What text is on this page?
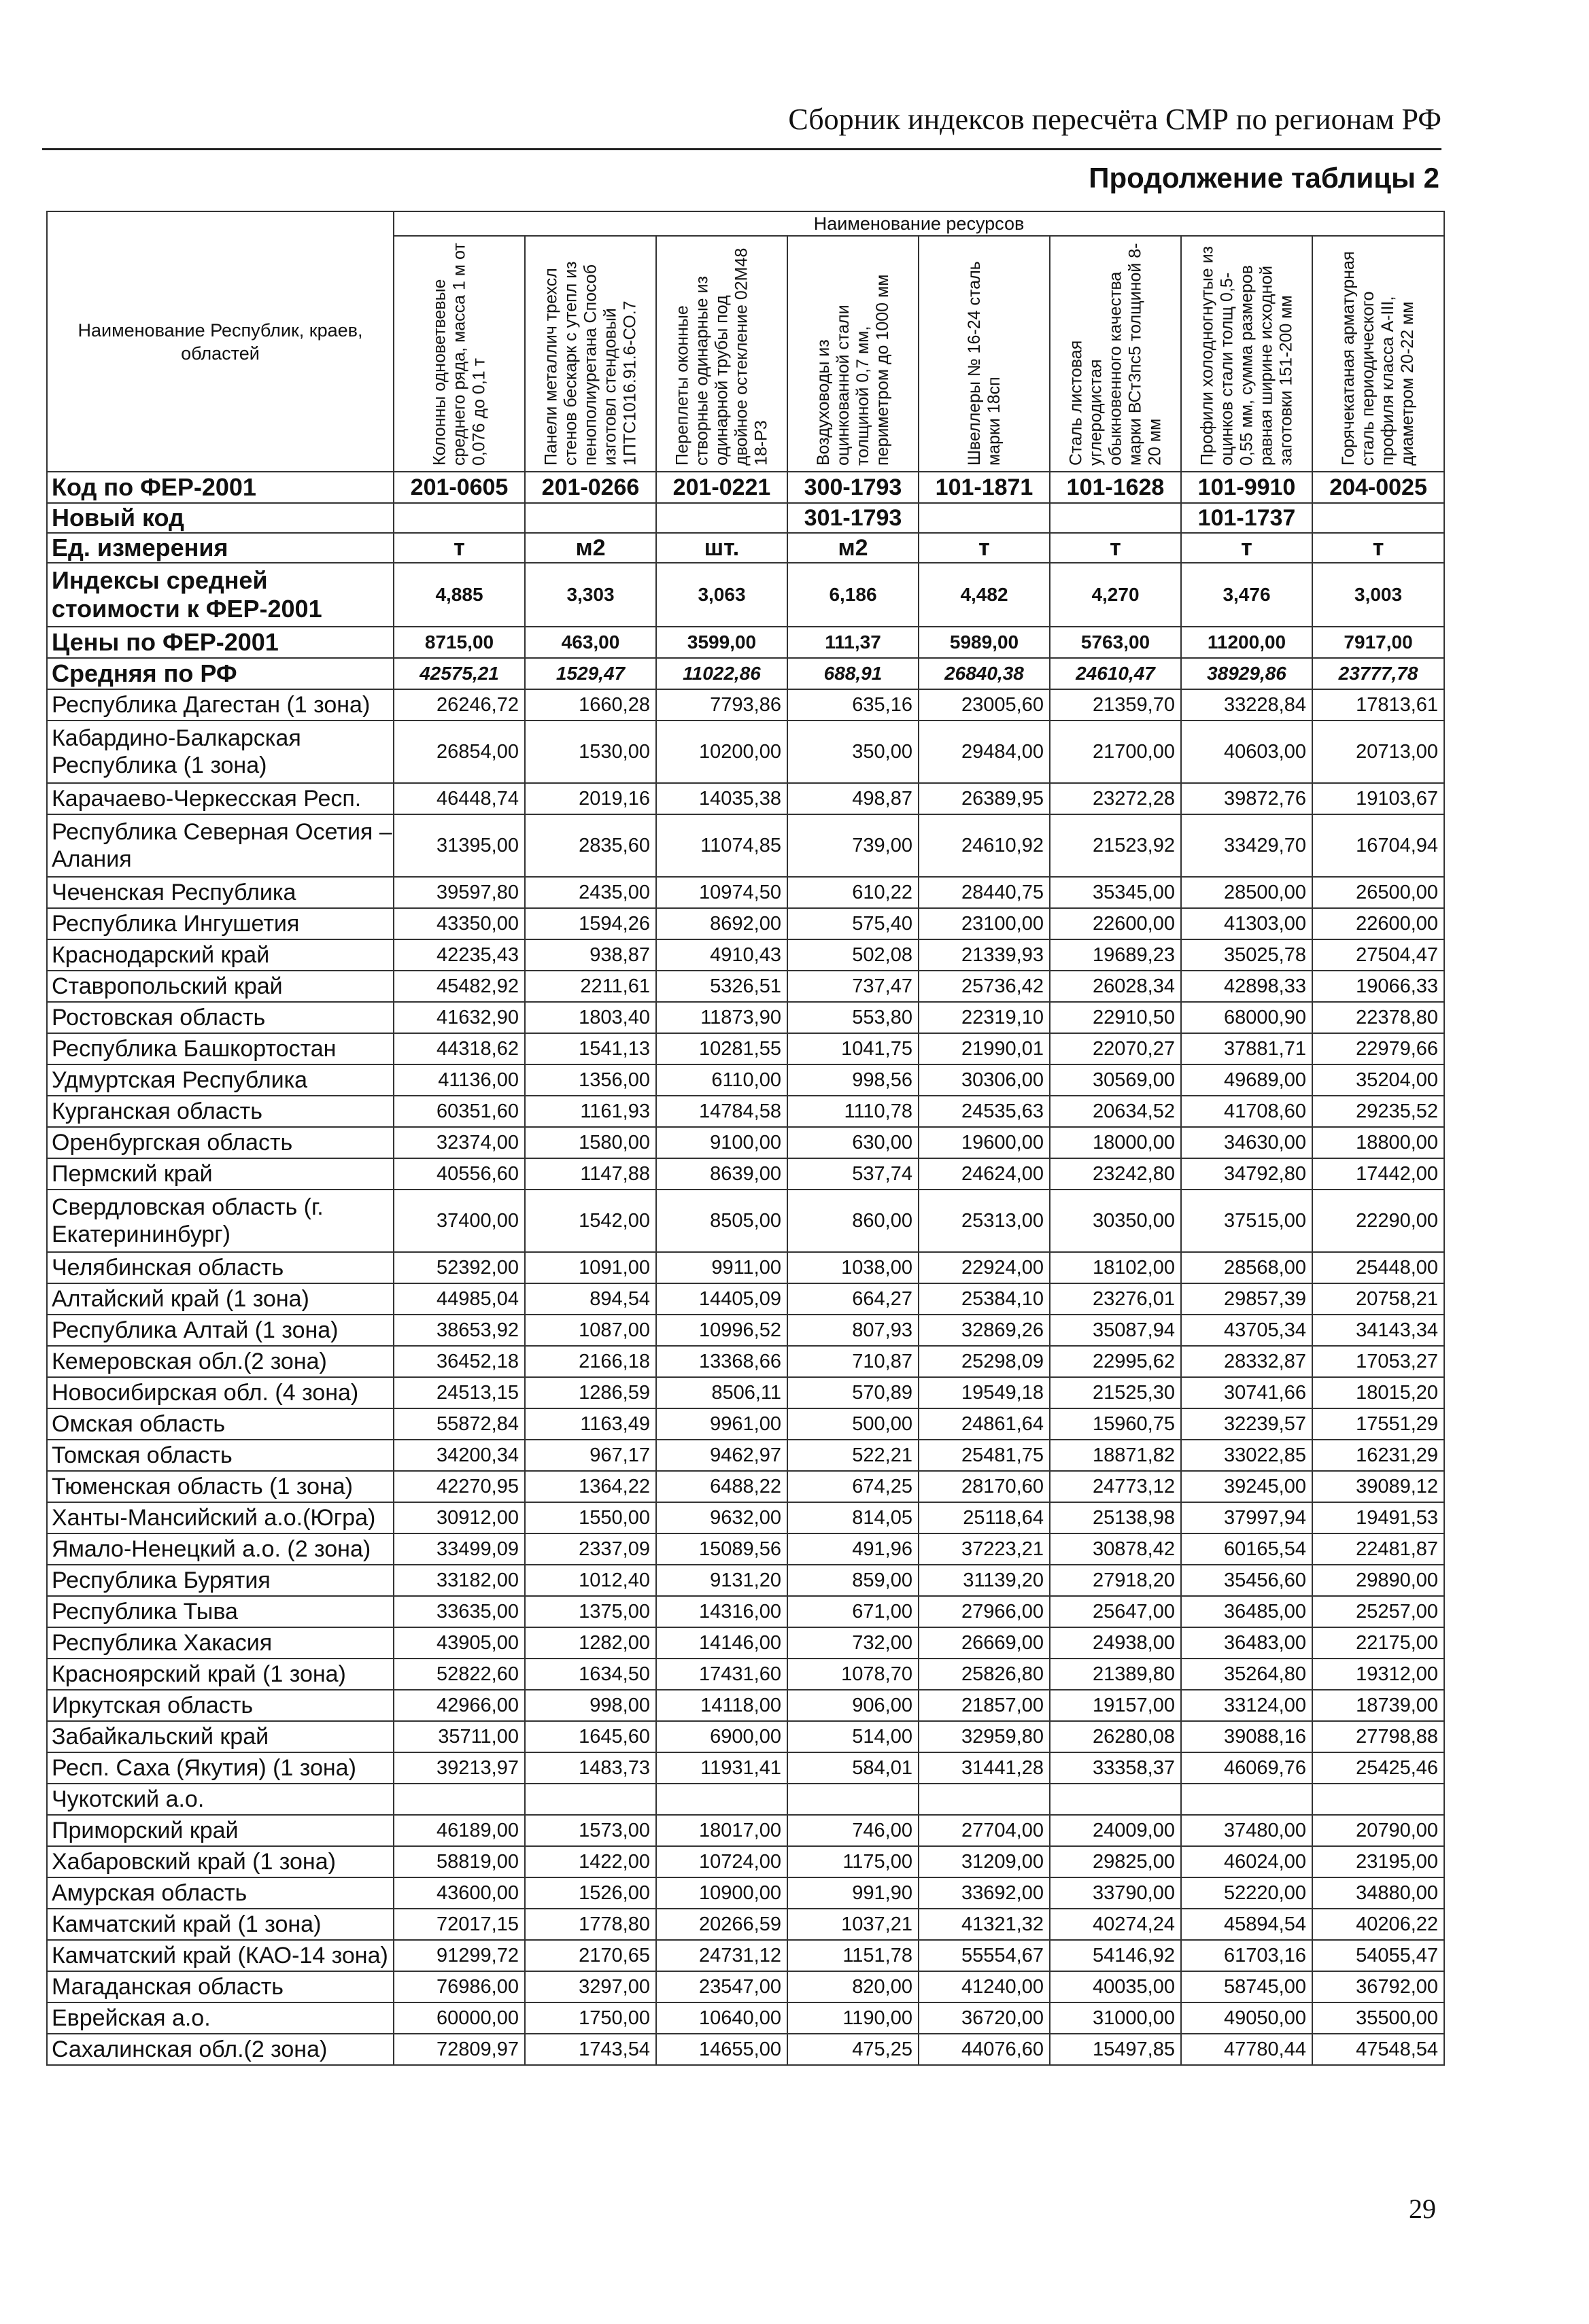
Сборник индексов пересчёта СМР по регионам РФ
Продолжение таблицы 2
Наименование Республик, краев, областей	Наименование ресурсов							

	Колонны одноветвевые среднего ряда, масса 1 м от 0,076 до 0,1 т	Панели металлич трехсл стенов бескарк с утепл из пенополиуретана Способ изготовл стендовый 1ПТС1016.91.6-СО.7	Переплеты оконные створные одинарные из одинарной трубы под двойное остекление 02М48 18-Р3	Воздуховоды из оцинкованной стали толщиной 0,7 мм, периметром до 1000 мм	Швеллеры № 16-24 сталь марки 18сп	Сталь листовая углеродистая обыкновенного качества марки ВСт3пс5 толщиной 8-20 мм	Профили холодногнутые из оцинков стали толщ 0,5-0,55 мм, сумма размеров равная ширине исходной заготовки 151-200 мм	Горячекатаная арматурная сталь периодического профиля класса А-III, диаметром 20-22 мм

Код по ФЕР-2001	201-0605	201-0266	201-0221	300-1793	101-1871	101-1628	101-9910	204-0025
Новый код				301-1793			101-1737	
Ед. измерения	т	м2	шт.	м2	т	т	т	т
Индексы средней стоимости к ФЕР-2001	4,885	3,303	3,063	6,186	4,482	4,270	3,476	3,003
Цены по ФЕР-2001	8715,00	463,00	3599,00	111,37	5989,00	5763,00	11200,00	7917,00
Средняя по РФ	42575,21	1529,47	11022,86	688,91	26840,38	24610,47	38929,86	23777,78
Республика Дагестан (1 зона)	26246,72	1660,28	7793,86	635,16	23005,60	21359,70	33228,84	17813,61
Кабардино-Балкарская Республика (1 зона)	26854,00	1530,00	10200,00	350,00	29484,00	21700,00	40603,00	20713,00
Карачаево-Черкесская Респ.	46448,74	2019,16	14035,38	498,87	26389,95	23272,28	39872,76	19103,67
Республика Северная Осетия – Алания	31395,00	2835,60	11074,85	739,00	24610,92	21523,92	33429,70	16704,94
Чеченская Республика	39597,80	2435,00	10974,50	610,22	28440,75	35345,00	28500,00	26500,00
Республика Ингушетия	43350,00	1594,26	8692,00	575,40	23100,00	22600,00	41303,00	22600,00
Краснодарский край	42235,43	938,87	4910,43	502,08	21339,93	19689,23	35025,78	27504,47
Ставропольский край	45482,92	2211,61	5326,51	737,47	25736,42	26028,34	42898,33	19066,33
Ростовская область	41632,90	1803,40	11873,90	553,80	22319,10	22910,50	68000,90	22378,80
Республика Башкортостан	44318,62	1541,13	10281,55	1041,75	21990,01	22070,27	37881,71	22979,66
Удмуртская Республика	41136,00	1356,00	6110,00	998,56	30306,00	30569,00	49689,00	35204,00
Курганская область	60351,60	1161,93	14784,58	1110,78	24535,63	20634,52	41708,60	29235,52
Оренбургская область	32374,00	1580,00	9100,00	630,00	19600,00	18000,00	34630,00	18800,00
Пермский край	40556,60	1147,88	8639,00	537,74	24624,00	23242,80	34792,80	17442,00
Свердловская область (г. Екатерининбург)	37400,00	1542,00	8505,00	860,00	25313,00	30350,00	37515,00	22290,00
Челябинская область	52392,00	1091,00	9911,00	1038,00	22924,00	18102,00	28568,00	25448,00
Алтайский край (1 зона)	44985,04	894,54	14405,09	664,27	25384,10	23276,01	29857,39	20758,21
Республика Алтай (1 зона)	38653,92	1087,00	10996,52	807,93	32869,26	35087,94	43705,34	34143,34
Кемеровская обл.(2 зона)	36452,18	2166,18	13368,66	710,87	25298,09	22995,62	28332,87	17053,27
Новосибирская обл. (4 зона)	24513,15	1286,59	8506,11	570,89	19549,18	21525,30	30741,66	18015,20
Омская область	55872,84	1163,49	9961,00	500,00	24861,64	15960,75	32239,57	17551,29
Томская область	34200,34	967,17	9462,97	522,21	25481,75	18871,82	33022,85	16231,29
Тюменская область (1 зона)	42270,95	1364,22	6488,22	674,25	28170,60	24773,12	39245,00	39089,12
Ханты-Мансийский а.о.(Югра)	30912,00	1550,00	9632,00	814,05	25118,64	25138,98	37997,94	19491,53
Ямало-Ненецкий а.о. (2 зона)	33499,09	2337,09	15089,56	491,96	37223,21	30878,42	60165,54	22481,87
Республика Бурятия	33182,00	1012,40	9131,20	859,00	31139,20	27918,20	35456,60	29890,00
Республика Тыва	33635,00	1375,00	14316,00	671,00	27966,00	25647,00	36485,00	25257,00
Республика Хакасия	43905,00	1282,00	14146,00	732,00	26669,00	24938,00	36483,00	22175,00
Красноярский край (1 зона)	52822,60	1634,50	17431,60	1078,70	25826,80	21389,80	35264,80	19312,00
Иркутская область	42966,00	998,00	14118,00	906,00	21857,00	19157,00	33124,00	18739,00
Забайкальский край	35711,00	1645,60	6900,00	514,00	32959,80	26280,08	39088,16	27798,88
Респ. Саха (Якутия) (1 зона)	39213,97	1483,73	11931,41	584,01	31441,28	33358,37	46069,76	25425,46
Чукотский а.о.								
Приморский край	46189,00	1573,00	18017,00	746,00	27704,00	24009,00	37480,00	20790,00
Хабаровский край (1 зона)	58819,00	1422,00	10724,00	1175,00	31209,00	29825,00	46024,00	23195,00
Амурская область	43600,00	1526,00	10900,00	991,90	33692,00	33790,00	52220,00	34880,00
Камчатский край (1 зона)	72017,15	1778,80	20266,59	1037,21	41321,32	40274,24	45894,54	40206,22
Камчатский край (КАО-14 зона)	91299,72	2170,65	24731,12	1151,78	55554,67	54146,92	61703,16	54055,47
Магаданская область	76986,00	3297,00	23547,00	820,00	41240,00	40035,00	58745,00	36792,00
Еврейская а.о.	60000,00	1750,00	10640,00	1190,00	36720,00	31000,00	49050,00	35500,00
Сахалинская обл.(2 зона)	72809,97	1743,54	14655,00	475,25	44076,60	15497,85	47780,44	47548,54
29
